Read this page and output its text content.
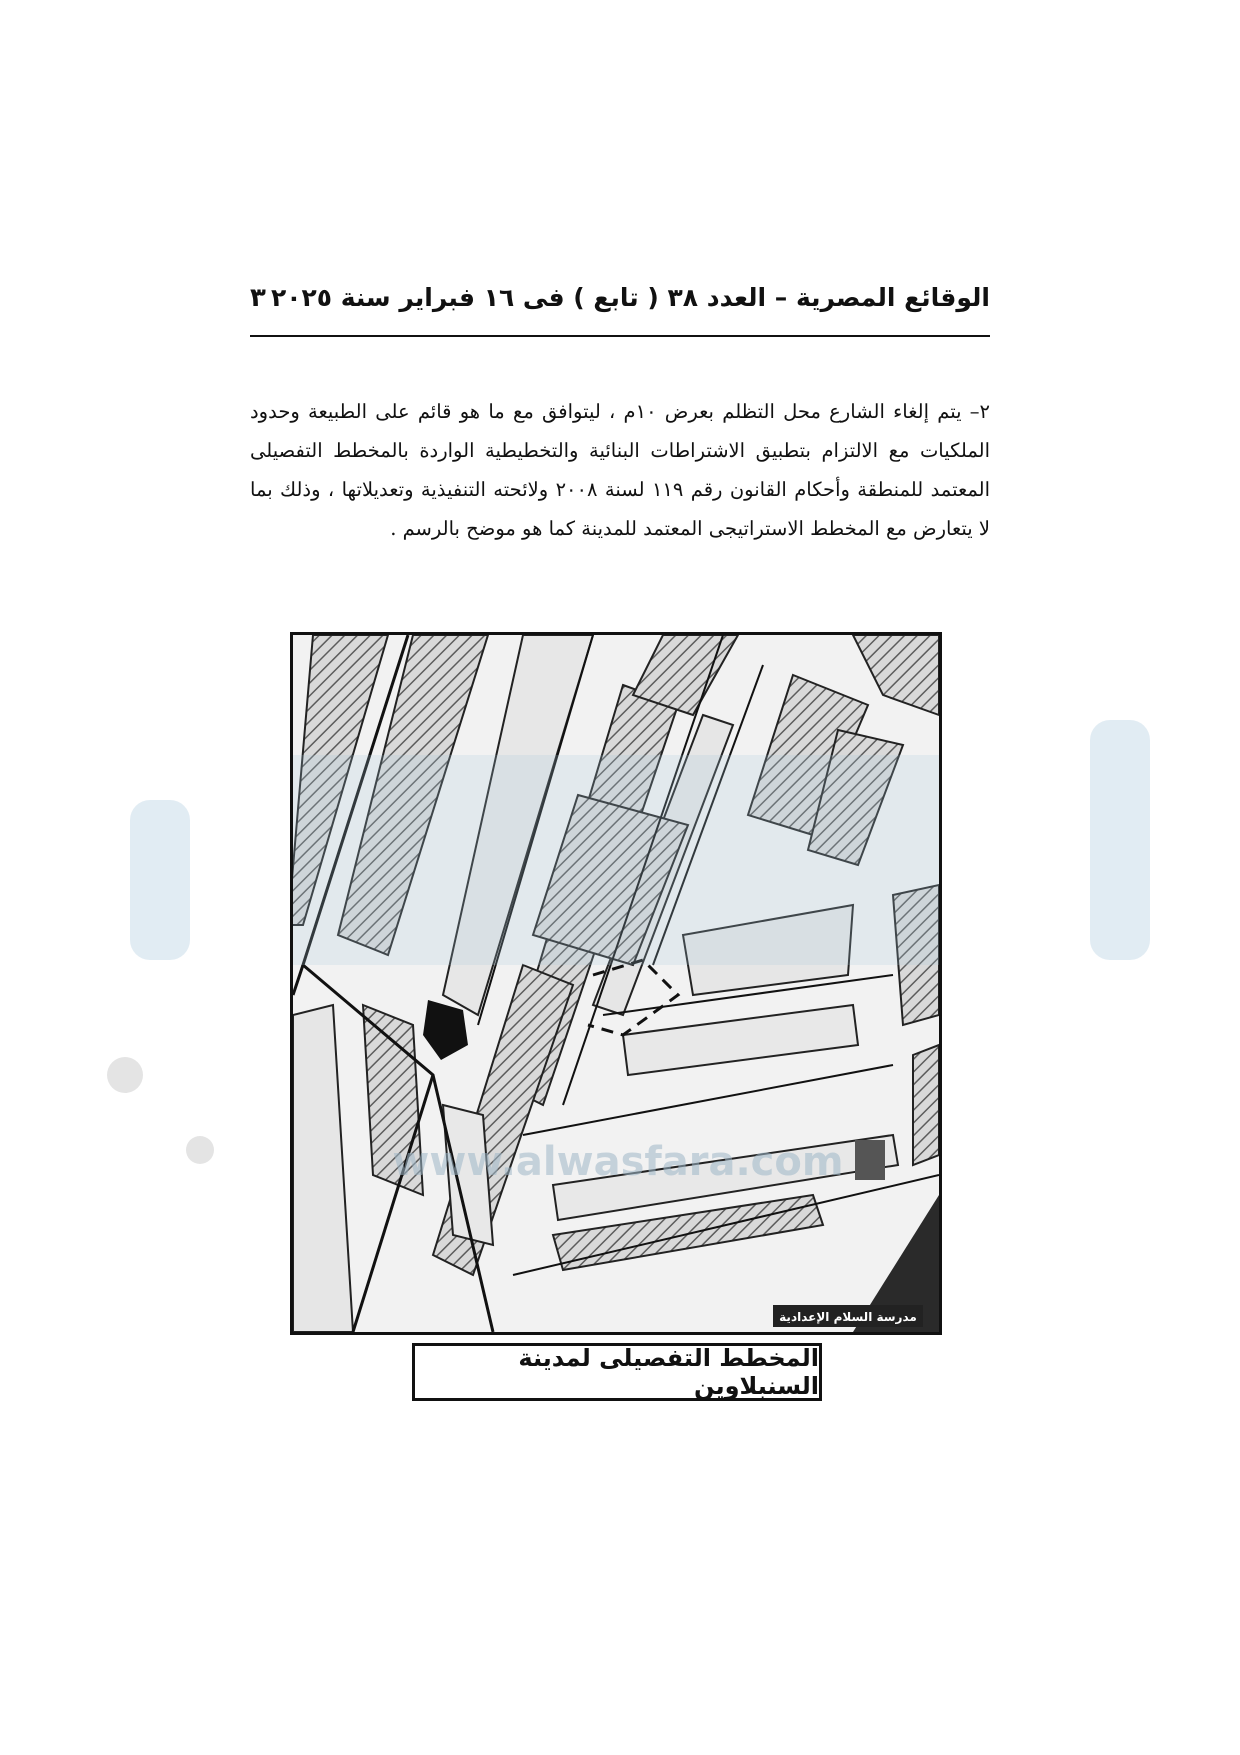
الوقائع المصرية – العدد ٣٨ ( تابع ) فى ١٦ فبراير سنة ٢٠٢٥
٣

٢– يتم إلغاء الشارع محل التظلم بعرض ١٠م ، ليتوافق مع ما هو قائم على الطبيعة وحدود الملكيات مع الالتزام بتطبيق الاشتراطات البنائية والتخطيطية الواردة بالمخطط التفصيلى المعتمد للمنطقة وأحكام القانون رقم ١١٩ لسنة ٢٠٠٨ ولائحته التنفيذية وتعديلاتها ، وذلك بما لا يتعارض مع المخطط الاستراتيجى المعتمد للمدينة كما هو موضح بالرسم .

www.alwasfara.com
مدرسة السلام الإعدادية
المخطط التفصيلى لمدينة السنبلاوين
